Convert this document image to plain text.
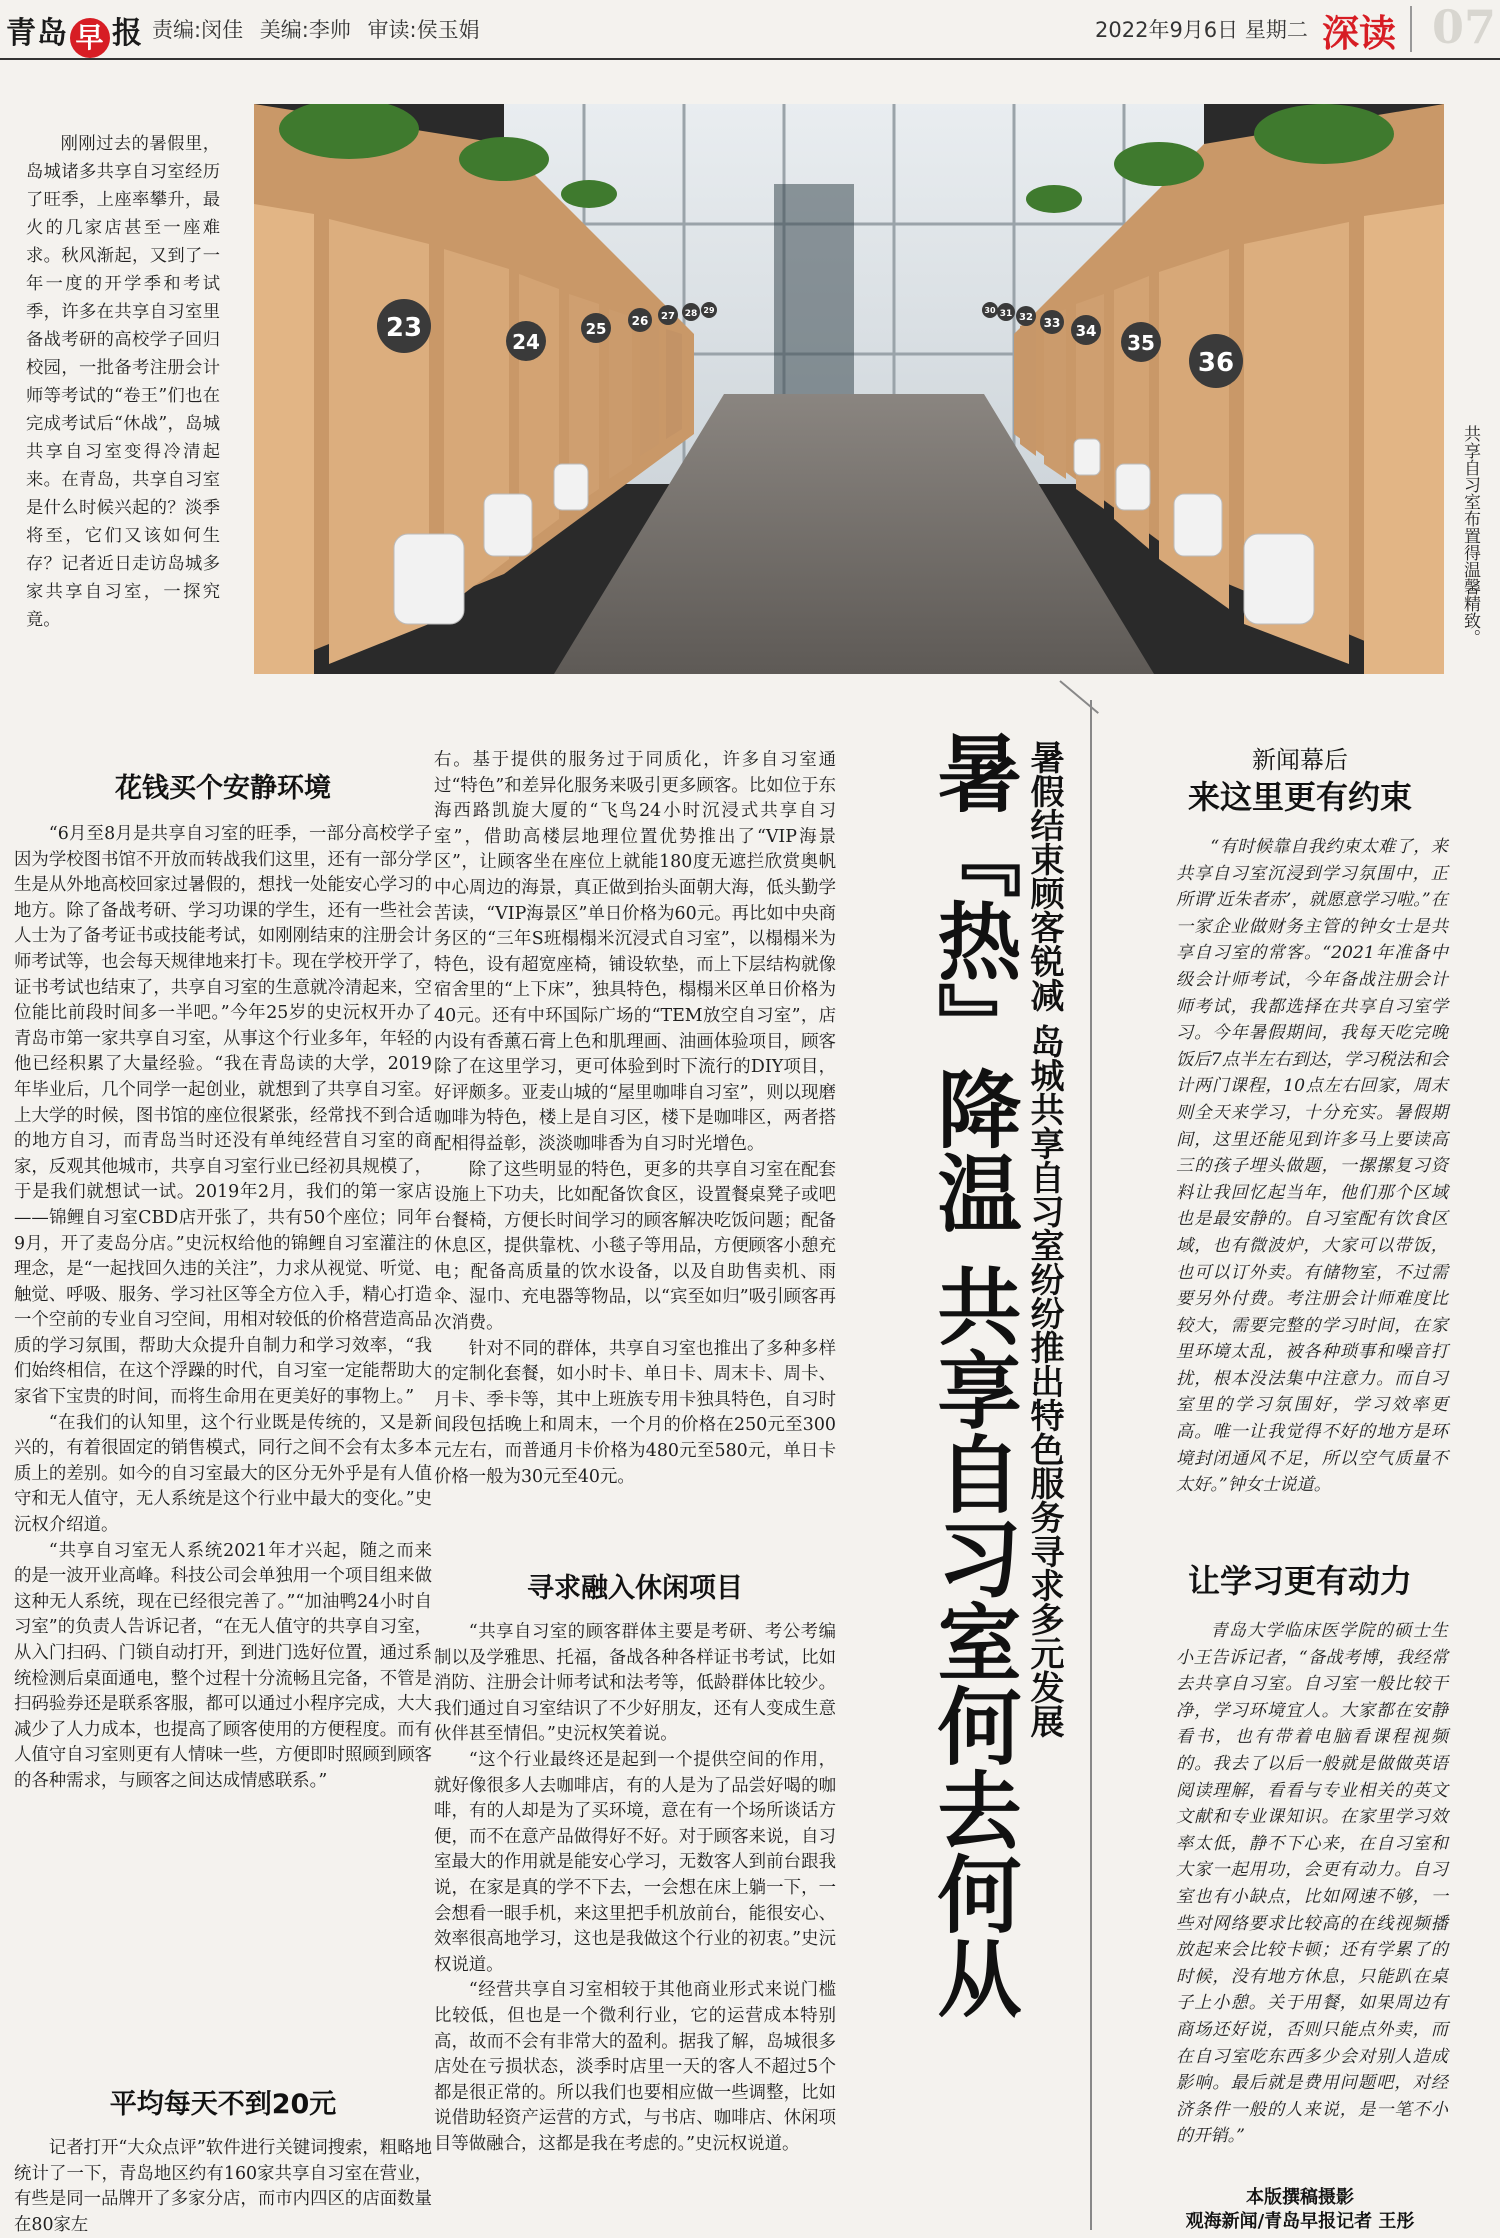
青岛 早 报 责编:闵佳 美编:李帅 审读:侯玉娟	2022年9月6日 星期二 深读 07

刚刚过去的暑假里，岛城诸多共享自习室经历了旺季，上座率攀升，最火的几家店甚至一座难求。秋风渐起，又到了一年一度的开学季和考试季，许多在共享自习室里备战考研的高校学子回归校园，一批备考注册会计师等考试的“卷王”们也在完成考试后“休战”，岛城共享自习室变得冷清起来。在青岛，共享自习室是什么时候兴起的？淡季将至，它们又该如何生存？记者近日走访岛城多家共享自习室，一探究竟。

23	24
25 26 27 28 29	30 31 32 33 34 35
36
共享自习室布置得温馨精致。
暑『热』降温 共享自习室何去何从 暑假结束顾客锐减 岛城共享自习室纷纷推出特色服务寻求多元发展
花钱买个安静环境
寻求融入休闲项目
平均每天不到20元

“6月至8月是共享自习室的旺季，一部分高校学子因为学校图书馆不开放而转战我们这里，还有一部分学生是从外地高校回家过暑假的，想找一处能安心学习的地方。除了备战考研、学习功课的学生，还有一些社会人士为了备考证书或技能考试，如刚刚结束的注册会计师考试等，也会每天规律地来打卡。现在学校开学了，证书考试也结束了，共享自习室的生意就冷清起来，空位能比前段时间多一半吧。”今年25岁的史沅权开办了青岛市第一家共享自习室，从事这个行业多年，年轻的他已经积累了大量经验。“我在青岛读的大学，2019年毕业后，几个同学一起创业，就想到了共享自习室。上大学的时候，图书馆的座位很紧张，经常找不到合适的地方自习，而青岛当时还没有单纯经营自习室的商家，反观其他城市，共享自习室行业已经初具规模了，于是我们就想试一试。2019年2月，我们的第一家店——锦鲤自习室CBD店开张了，共有50个座位；同年9月，开了麦岛分店。”史沅权给他的锦鲤自习室灌注的理念，是“一起找回久违的关注”，力求从视觉、听觉、触觉、呼吸、服务、学习社区等全方位入手，精心打造一个空前的专业自习空间，用相对较低的价格营造高品质的学习氛围，帮助大众提升自制力和学习效率，“我们始终相信，在这个浮躁的时代，自习室一定能帮助大家省下宝贵的时间，而将生命用在更美好的事物上。”

“在我们的认知里，这个行业既是传统的，又是新兴的，有着很固定的销售模式，同行之间不会有太多本质上的差别。如今的自习室最大的区分无外乎是有人值守和无人值守，无人系统是这个行业中最大的变化。”史沅权介绍道。

“共享自习室无人系统2021年才兴起，随之而来的是一波开业高峰。科技公司会单独用一个项目组来做这种无人系统，现在已经很完善了。”“加油鸭24小时自习室”的负责人告诉记者，“在无人值守的共享自习室，从入门扫码、门锁自动打开，到进门选好位置，通过系统检测后桌面通电，整个过程十分流畅且完备，不管是扫码验券还是联系客服，都可以通过小程序完成，大大减少了人力成本，也提高了顾客使用的方便程度。而有人值守自习室则更有人情味一些，方便即时照顾到顾客的各种需求，与顾客之间达成情感联系。”

记者打开“大众点评”软件进行关键词搜索，粗略地统计了一下，青岛地区约有160家共享自习室在营业，有些是同一品牌开了多家分店，而市内四区的店面数量在80家左

右。基于提供的服务过于同质化，许多自习室通过“特色”和差异化服务来吸引更多顾客。比如位于东海西路凯旋大厦的“飞鸟24小时沉浸式共享自习室”，借助高楼层地理位置优势推出了“VIP海景区”，让顾客坐在座位上就能180度无遮拦欣赏奥帆中心周边的海景，真正做到抬头面朝大海，低头勤学苦读，“VIP海景区”单日价格为60元。再比如中央商务区的“三年S班榻榻米沉浸式自习室”，以榻榻米为特色，设有超宽座椅，铺设软垫，而上下层结构就像宿舍里的“上下床”，独具特色，榻榻米区单日价格为40元。还有中环国际广场的“TEM放空自习室”，店内设有香薰石膏上色和肌理画、油画体验项目，顾客除了在这里学习，更可体验到时下流行的DIY项目，好评颇多。亚麦山城的“屋里咖啡自习室”，则以现磨咖啡为特色，楼上是自习区，楼下是咖啡区，两者搭配相得益彰，淡淡咖啡香为自习时光增色。

除了这些明显的特色，更多的共享自习室在配套设施上下功夫，比如配备饮食区，设置餐桌凳子或吧台餐椅，方便长时间学习的顾客解决吃饭问题；配备休息区，提供靠枕、小毯子等用品，方便顾客小憩充电；配备高质量的饮水设备，以及自助售卖机、雨伞、湿巾、充电器等物品，以“宾至如归”吸引顾客再次消费。

针对不同的群体，共享自习室也推出了多种多样的定制化套餐，如小时卡、单日卡、周末卡、周卡、月卡、季卡等，其中上班族专用卡独具特色，自习时间段包括晚上和周末，一个月的价格在250元至300元左右，而普通月卡价格为480元至580元，单日卡价格一般为30元至40元。

“共享自习室的顾客群体主要是考研、考公考编制以及学雅思、托福，备战各种各样证书考试，比如消防、注册会计师考试和法考等，低龄群体比较少。我们通过自习室结识了不少好朋友，还有人变成生意伙伴甚至情侣。”史沅权笑着说。

“这个行业最终还是起到一个提供空间的作用，就好像很多人去咖啡店，有的人是为了品尝好喝的咖啡，有的人却是为了买环境，意在有一个场所谈话方便，而不在意产品做得好不好。对于顾客来说，自习室最大的作用就是能安心学习，无数客人到前台跟我说，在家是真的学不下去，一会想在床上躺一下，一会想看一眼手机，来这里把手机放前台，能很安心、效率很高地学习，这也是我做这个行业的初衷。”史沅权说道。

“经营共享自习室相较于其他商业形式来说门槛比较低，但也是一个微利行业，它的运营成本特别高，故而不会有非常大的盈利。据我了解，岛城很多店处在亏损状态，淡季时店里一天的客人不超过5个都是很正常的。所以我们也要相应做一些调整，比如说借助轻资产运营的方式，与书店、咖啡店、休闲项目等做融合，这都是我在考虑的。”史沅权说道。

新闻幕后
来这里更有约束

“有时候靠自我约束太难了，来共享自习室沉浸到学习氛围中，正所谓‘近朱者赤’，就愿意学习啦。”在一家企业做财务主管的钟女士是共享自习室的常客。“2021年准备中级会计师考试，今年备战注册会计师考试，我都选择在共享自习室学习。今年暑假期间，我每天吃完晚饭后7点半左右到达，学习税法和会计两门课程，10点左右回家，周末则全天来学习，十分充实。暑假期间，这里还能见到许多马上要读高三的孩子埋头做题，一摞摞复习资料让我回忆起当年，他们那个区域也是最安静的。自习室配有饮食区域，也有微波炉，大家可以带饭，也可以订外卖。有储物室，不过需要另外付费。考注册会计师难度比较大，需要完整的学习时间，在家里环境太乱，被各种琐事和噪音打扰，根本没法集中注意力。而自习室里的学习氛围好，学习效率更高。唯一让我觉得不好的地方是环境封闭通风不足，所以空气质量不太好。”钟女士说道。

让学习更有动力

青岛大学临床医学院的硕士生小王告诉记者，“备战考博，我经常去共享自习室。自习室一般比较干净，学习环境宜人。大家都在安静看书，也有带着电脑看课程视频的。我去了以后一般就是做做英语阅读理解，看看与专业相关的英文文献和专业课知识。在家里学习效率太低，静不下心来，在自习室和大家一起用功，会更有动力。自习室也有小缺点，比如网速不够，一些对网络要求比较高的在线视频播放起来会比较卡顿；还有学累了的时候，没有地方休息，只能趴在桌子上小憩。关于用餐，如果周边有商场还好说，否则只能点外卖，而在自习室吃东西多少会对别人造成影响。最后就是费用问题吧，对经济条件一般的人来说，是一笔不小的开销。”

本版撰稿摄影
观海新闻/青岛早报记者 王彤
